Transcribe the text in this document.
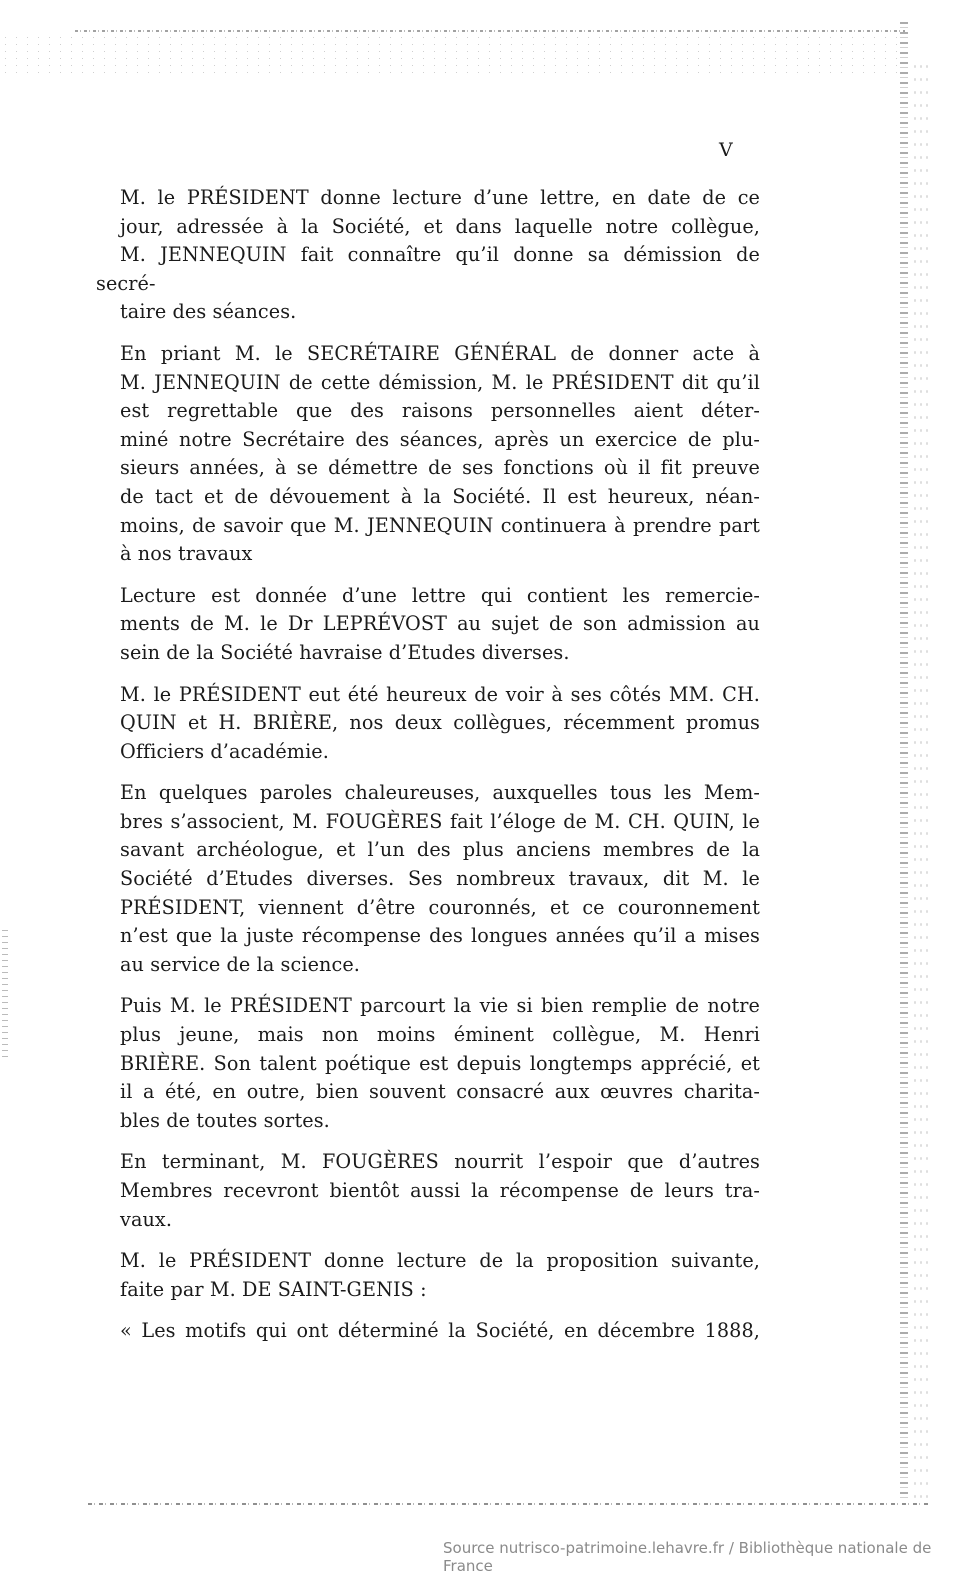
V

M. le PRÉSIDENT donne lecture d’une lettre, en date de ce
jour, adressée à la Société, et dans laquelle notre collègue,
M. JENNEQUIN fait connaître qu’il donne sa démission de secré-
taire des séances.

En priant M. le SECRÉTAIRE GÉNÉRAL de donner acte à
M. JENNEQUIN de cette démission, M. le PRÉSIDENT dit qu’il
est regrettable que des raisons personnelles aient déter-
miné notre Secrétaire des séances, après un exercice de plu-
sieurs années, à se démettre de ses fonctions où il fit preuve
de tact et de dévouement à la Société. Il est heureux, néan-
moins, de savoir que M. JENNEQUIN continuera à prendre part
à nos travaux

Lecture est donnée d’une lettre qui contient les remercie-
ments de M. le Dr LEPRÉVOST au sujet de son admission au
sein de la Société havraise d’Etudes diverses.

M. le PRÉSIDENT eut été heureux de voir à ses côtés MM. CH.
QUIN et H. BRIÈRE, nos deux collègues, récemment promus
Officiers d’académie.

En quelques paroles chaleureuses, auxquelles tous les Mem-
bres s’associent, M. FOUGÈRES fait l’éloge de M. CH. QUIN, le
savant archéologue, et l’un des plus anciens membres de la
Société d’Etudes diverses. Ses nombreux travaux, dit M. le
PRÉSIDENT, viennent d’être couronnés, et ce couronnement
n’est que la juste récompense des longues années qu’il a mises
au service de la science.

Puis M. le PRÉSIDENT parcourt la vie si bien remplie de notre
plus jeune, mais non moins éminent collègue, M. Henri
BRIÈRE. Son talent poétique est depuis longtemps apprécié, et
il a été, en outre, bien souvent consacré aux œuvres charita-
bles de toutes sortes.

En terminant, M. FOUGÈRES nourrit l’espoir que d’autres
Membres recevront bientôt aussi la récompense de leurs tra-
vaux.

M. le PRÉSIDENT donne lecture de la proposition suivante,
faite par M. DE SAINT-GENIS :

« Les motifs qui ont déterminé la Société, en décembre 1888,

Source nutrisco-patrimoine.lehavre.fr / Bibliothèque nationale de France
